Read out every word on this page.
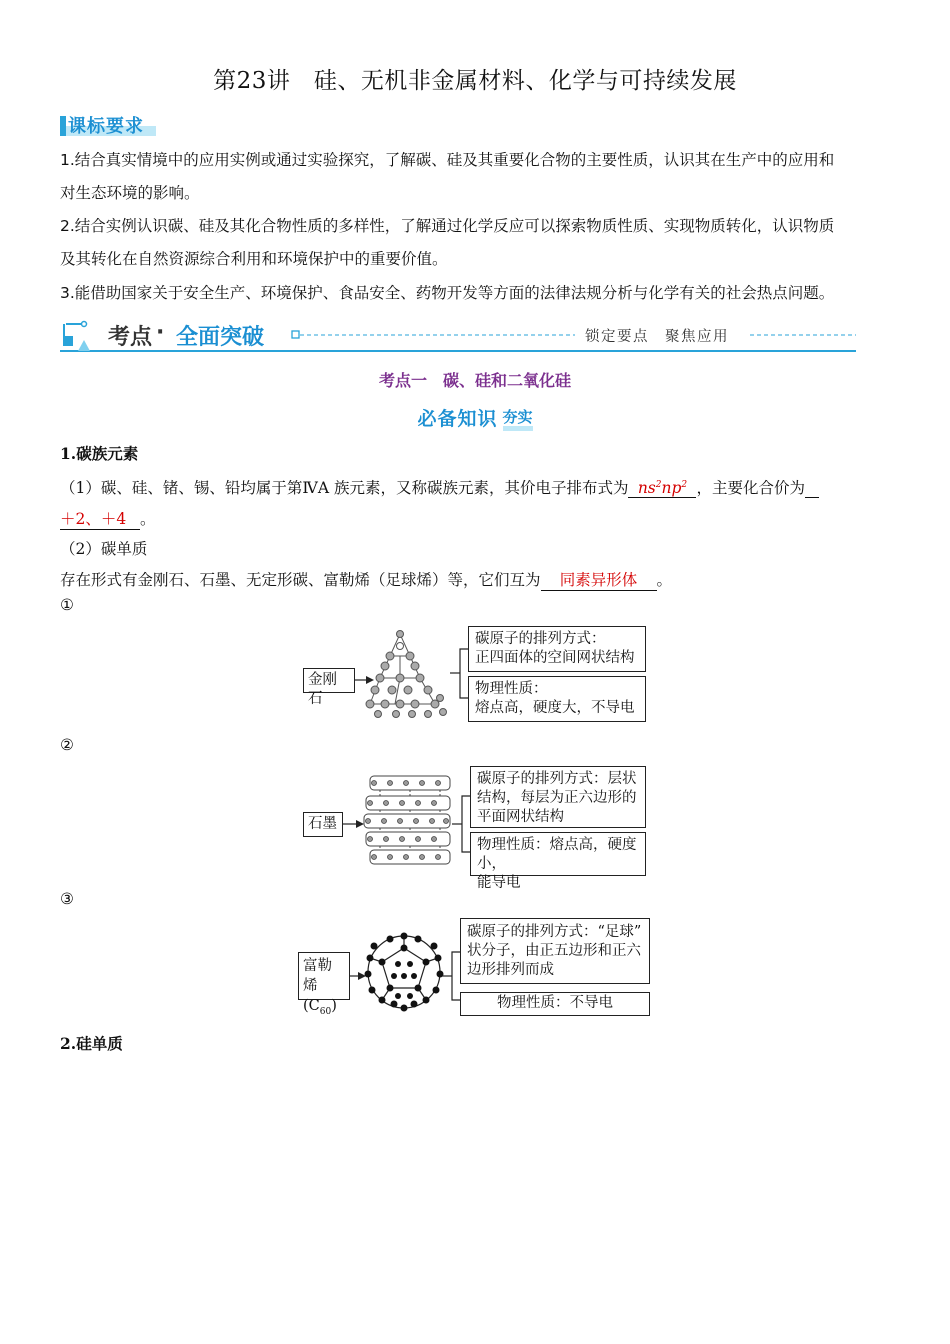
第23讲　硅、无机非金属材料、化学与可持续发展
课标要求
1.结合真实情境中的应用实例或通过实验探究，了解碳、硅及其重要化合物的主要性质，认识其在生产中的应用和
对生态环境的影响。
2.结合实例认识碳、硅及其化合物性质的多样性，了解通过化学反应可以探索物质性质、实现物质转化，认识物质
及其转化在自然资源综合利用和环境保护中的重要价值。
3.能借助国家关于安全生产、环境保护、食品安全、药物开发等方面的法律法规分析与化学有关的社会热点问题。
考点 · 全面突破	锁定要点　聚焦应用
考点一　碳、硅和二氧化硅
必备知识 夯实
1.碳族元素
（1）碳、硅、锗、锡、铅均属于第ⅣA 族元素，又称碳族元素，其价电子排布式为 $ns^2np^2$ ，主要化合价为
＋2、＋4 。
（2）碳单质
存在形式有金刚石、石墨、无定形碳、富勒烯（足球烯）等，它们互为 同素异形体 。
①
金刚石
碳原子的排列方式：
正四面体的空间网状结构
物理性质：
熔点高，硬度大，不导电
②
石墨
碳原子的排列方式：层状
结构，每层为正六边形的
平面网状结构
物理性质：熔点高，硬度小，
能导电
③
富勒
烯$(C_{60})$
碳原子的排列方式：“足球”
状分子，由正五边形和正六
边形排列而成
物理性质：不导电
2.硅单质
